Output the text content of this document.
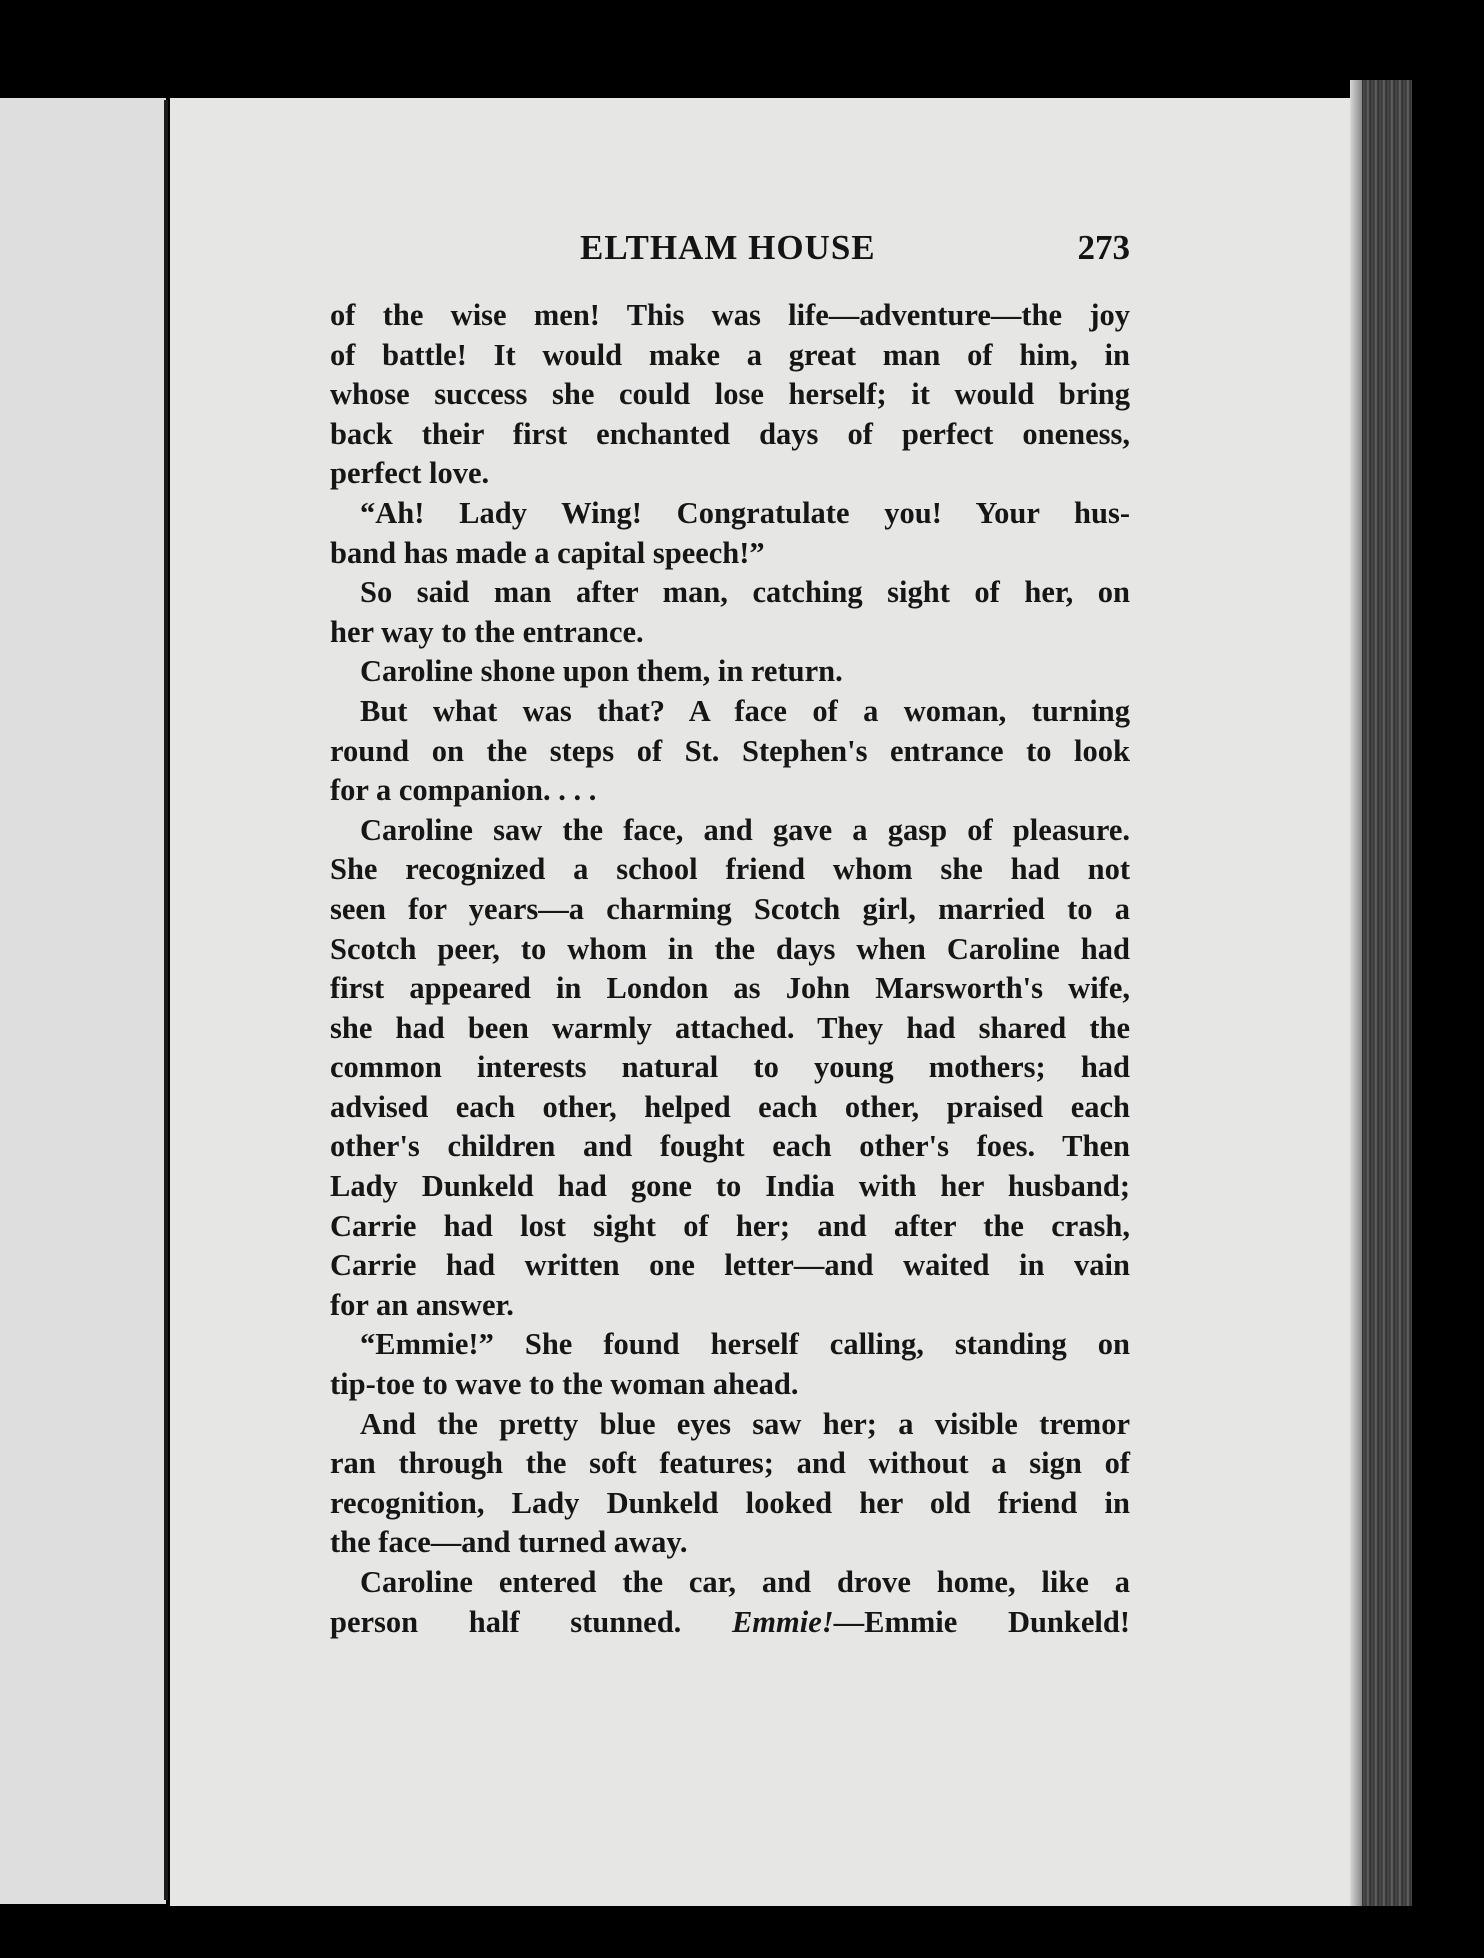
ELTHAM HOUSE	273
of the wise men! This was life—adventure—the joy
of battle! It would make a great man of him, in
whose success she could lose herself; it would bring
back their first enchanted days of perfect oneness,
perfect love.
“Ah! Lady Wing! Congratulate you! Your hus-
band has made a capital speech!”
So said man after man, catching sight of her, on
her way to the entrance.
Caroline shone upon them, in return.
But what was that? A face of a woman, turning
round on the steps of St. Stephen's entrance to look
for a companion. . . .
Caroline saw the face, and gave a gasp of pleasure.
She recognized a school friend whom she had not
seen for years—a charming Scotch girl, married to a
Scotch peer, to whom in the days when Caroline had
first appeared in London as John Marsworth's wife,
she had been warmly attached. They had shared the
common interests natural to young mothers; had
advised each other, helped each other, praised each
other's children and fought each other's foes. Then
Lady Dunkeld had gone to India with her husband;
Carrie had lost sight of her; and after the crash,
Carrie had written one letter—and waited in vain
for an answer.
“Emmie!” She found herself calling, standing on
tip-toe to wave to the woman ahead.
And the pretty blue eyes saw her; a visible tremor
ran through the soft features; and without a sign of
recognition, Lady Dunkeld looked her old friend in
the face—and turned away.
Caroline entered the car, and drove home, like a
person half stunned. Emmie!—Emmie Dunkeld!
